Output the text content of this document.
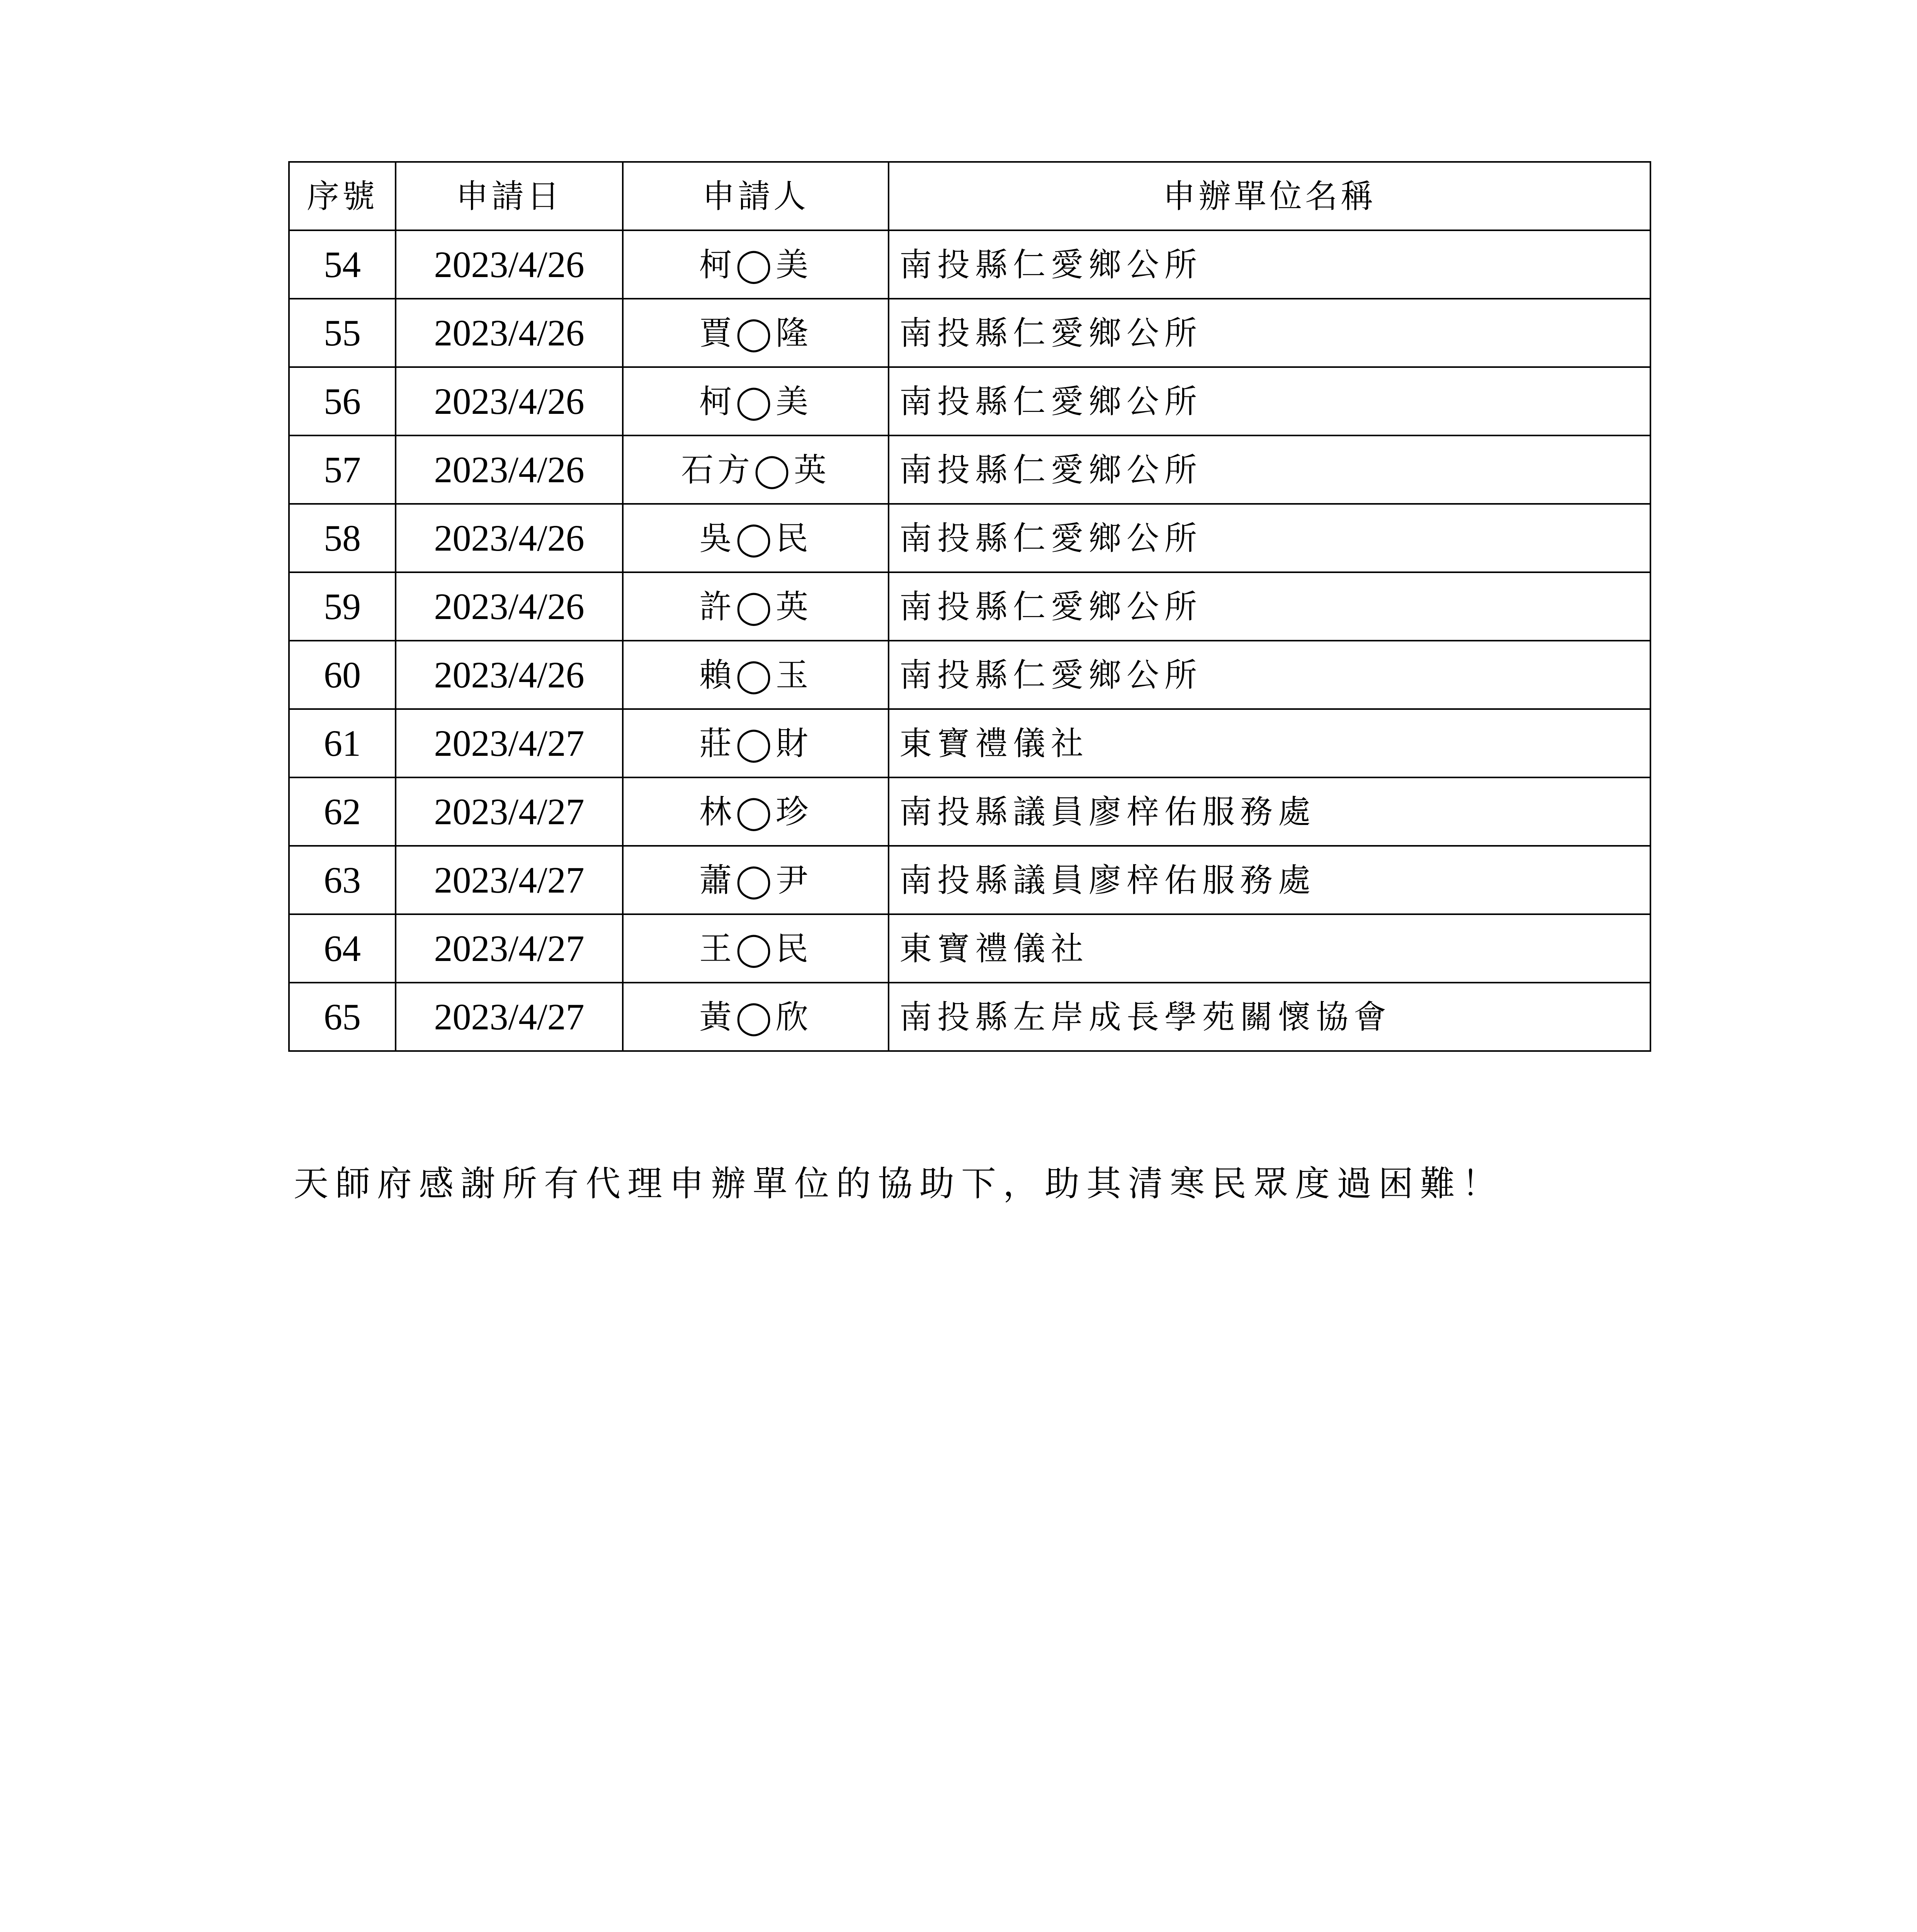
序號	申請日	申請人	申辦單位名稱
54	2023/4/26	柯◯美	南投縣仁愛鄉公所
55	2023/4/26	賈◯隆	南投縣仁愛鄉公所
56	2023/4/26	柯◯美	南投縣仁愛鄉公所
57	2023/4/26	石方◯英	南投縣仁愛鄉公所
58	2023/4/26	吳◯民	南投縣仁愛鄉公所
59	2023/4/26	許◯英	南投縣仁愛鄉公所
60	2023/4/26	賴◯玉	南投縣仁愛鄉公所
61	2023/4/27	莊◯財	東寶禮儀社
62	2023/4/27	林◯珍	南投縣議員廖梓佑服務處
63	2023/4/27	蕭◯尹	南投縣議員廖梓佑服務處
64	2023/4/27	王◯民	東寶禮儀社
65	2023/4/27	黃◯欣	南投縣左岸成長學苑關懷協會
天師府感謝所有代理申辦單位的協助下，助其清寒民眾度過困難！
